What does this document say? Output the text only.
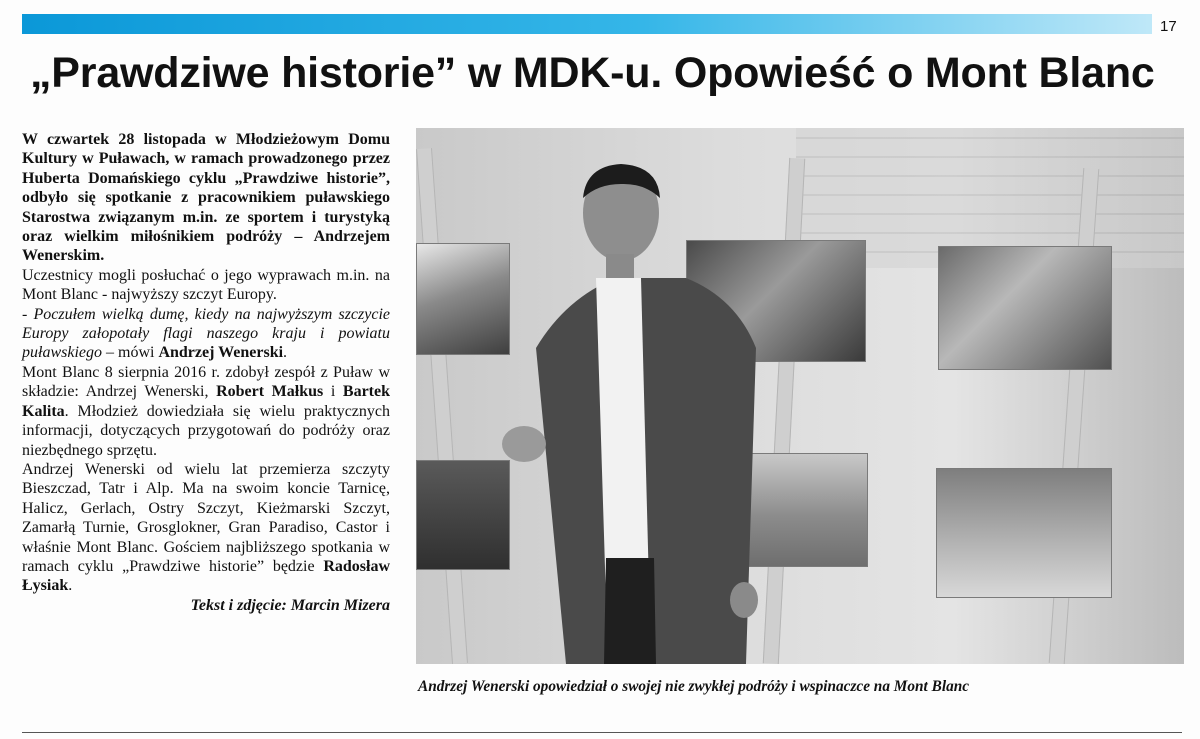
17
„Prawdziwe historie” w MDK-u. Opowieść o Mont Blanc

W czwartek 28 listopada w Młodzieżowym Domu Kultury w Puławach, w ramach prowadzonego przez Huberta Domańskiego cyklu „Prawdziwe historie”, odbyło się spotkanie z pracownikiem puławskiego Starostwa związanym m.in. ze sportem i turystyką oraz wielkim miłośnikiem podróży – Andrzejem Wenerskim.

Uczestnicy mogli posłuchać o jego wyprawach m.in. na Mont Blanc - najwyższy szczyt Europy.

- Poczułem wielką dumę, kiedy na najwyższym szczycie Europy załopotały flagi naszego kraju i powiatu puławskiego – mówi Andrzej Wenerski.

Mont Blanc 8 sierpnia 2016 r. zdobył zespół z Puław w składzie: Andrzej Wenerski, Robert Małkus i Bartek Kalita. Młodzież dowiedziała się wielu praktycznych informacji, dotyczących przygotowań do podróży oraz niezbędnego sprzętu.

Andrzej Wenerski od wielu lat przemierza szczyty Bieszczad, Tatr i Alp. Ma na swoim koncie Tarnicę, Halicz, Gerlach, Ostry Szczyt, Kieżmarski Szczyt, Zamarłą Turnie, Grosglokner, Gran Paradiso, Castor i właśnie Mont Blanc. Gościem najbliższego spotkania w ramach cyklu „Prawdziwe historie” będzie Radosław Łysiak.

Tekst i zdjęcie: Marcin Mizera

Andrzej Wenerski opowiedział o swojej nie zwykłej podróży i wspinaczce na Mont Blanc
